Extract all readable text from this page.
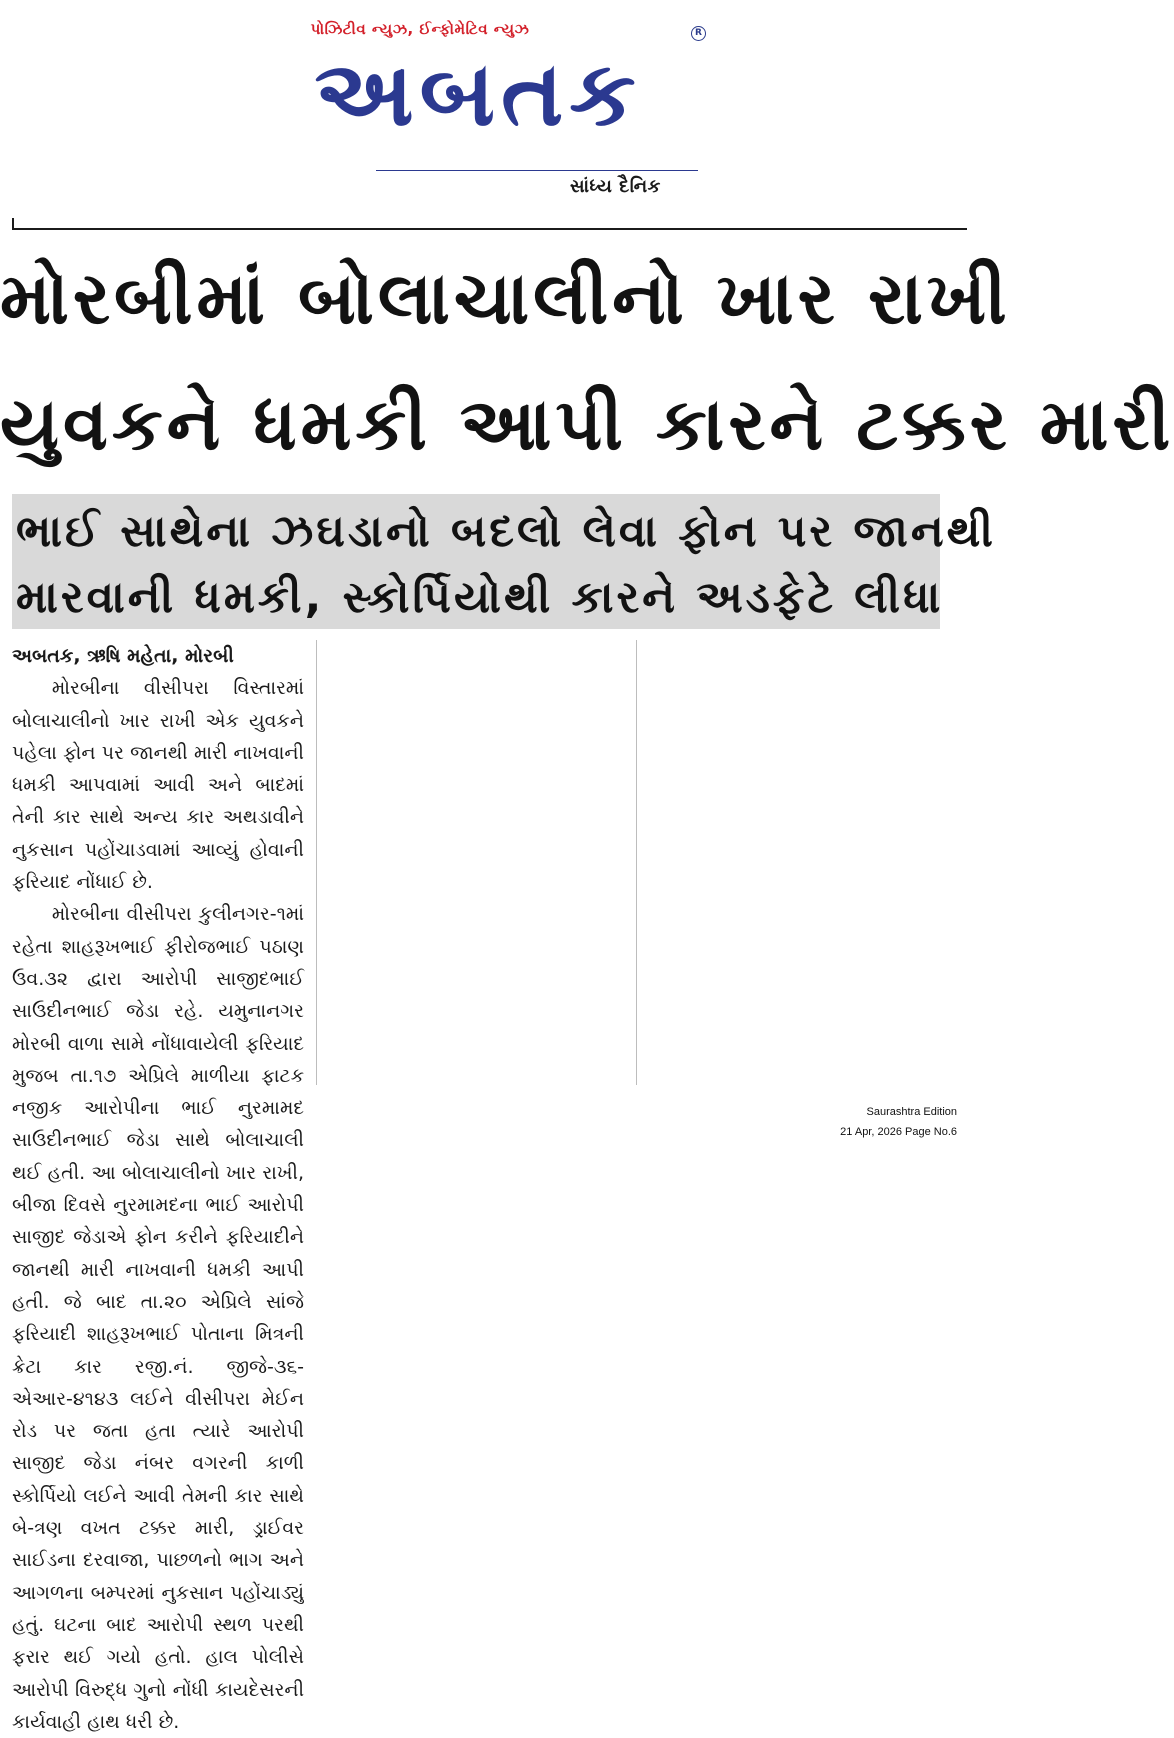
પોઝિટીવ ન્યુઝ, ઈન્ફોમેટિવ ન્યુઝ	R
અબતક
સાંધ્ય દૈનિક
મોરબીમાં બોલાચાલીનો ખાર રાખી
યુવકને ધમકી આપી કારને ટક્કર મારી
ભાઈ સાથેના ઝઘડાનો બદલો લેવા ફોન પર જાનથી
મારવાની ધમકી, સ્કોર્પિયોથી કારને અડફેટે લીધા

અબતક, ઋષિ મહેતા, મોરબી

મોરબીના વીસીપરા વિસ્તારમાં બોલાચાલીનો ખાર રાખી એક યુવકને પહેલા ફોન પર જાનથી મારી નાખવાની ધમકી આપવામાં આવી અને બાદમાં તેની કાર સાથે અન્ય કાર અથડાવીને નુકસાન પહોંચાડવામાં આવ્યું હોવાની ફરિયાદ નોંધાઈ છે.

મોરબીના વીસીપરા કુલીનગર-૧માં રહેતા શાહરૂખભાઈ ફીરોજભાઈ પઠાણ ઉવ.૩૨ દ્વારા આરોપી સાજીદભાઈ સાઉદીનભાઈ જેડા રહે. યમુનાનગર મોરબી વાળા સામે નોંધાવાયેલી ફરિયાદ મુજબ તા.૧૭ એપ્રિલે માળીયા ફાટક નજીક આરોપીના ભાઈ નુરમામદ સાઉદીનભાઈ જેડા સાથે બોલાચાલી થઈ હતી. આ બોલાચાલીનો ખાર રાખી, બીજા દિવસે નુરમામદના ભાઈ આરોપી સાજીદ જેડાએ ફોન કરીને ફરિયાદીને જાનથી મારી નાખવાની ધમકી આપી હતી. જે બાદ તા.૨૦ એપ્રિલે સાંજે ફરિયાદી શાહરૂખભાઈ પોતાના મિત્રની ક્રેટા કાર રજી.નં. જીજે-૩૬-એઆર-૪૧૪૩ લઈને વીસીપરા મેઈન રોડ પર જતા હતા ત્યારે આરોપી સાજીદ જેડા નંબર વગરની કાળી સ્કોર્પિયો લઈને આવી તેમની કાર સાથે બે-ત્રણ વખત ટક્કર મારી, ડ્રાઈવર સાઈડના દરવાજા, પાછળનો ભાગ અને આગળના બમ્પરમાં નુકસાન પહોંચાડ્યું હતું. ઘટના બાદ આરોપી સ્થળ પરથી ફરાર થઈ ગયો હતો. હાલ પોલીસે આરોપી વિરુદ્ધ ગુનો નોંધી કાયદેસરની કાર્યવાહી હાથ ધરી છે.

Saurashtra Edition
21 Apr, 2026 Page No.6
